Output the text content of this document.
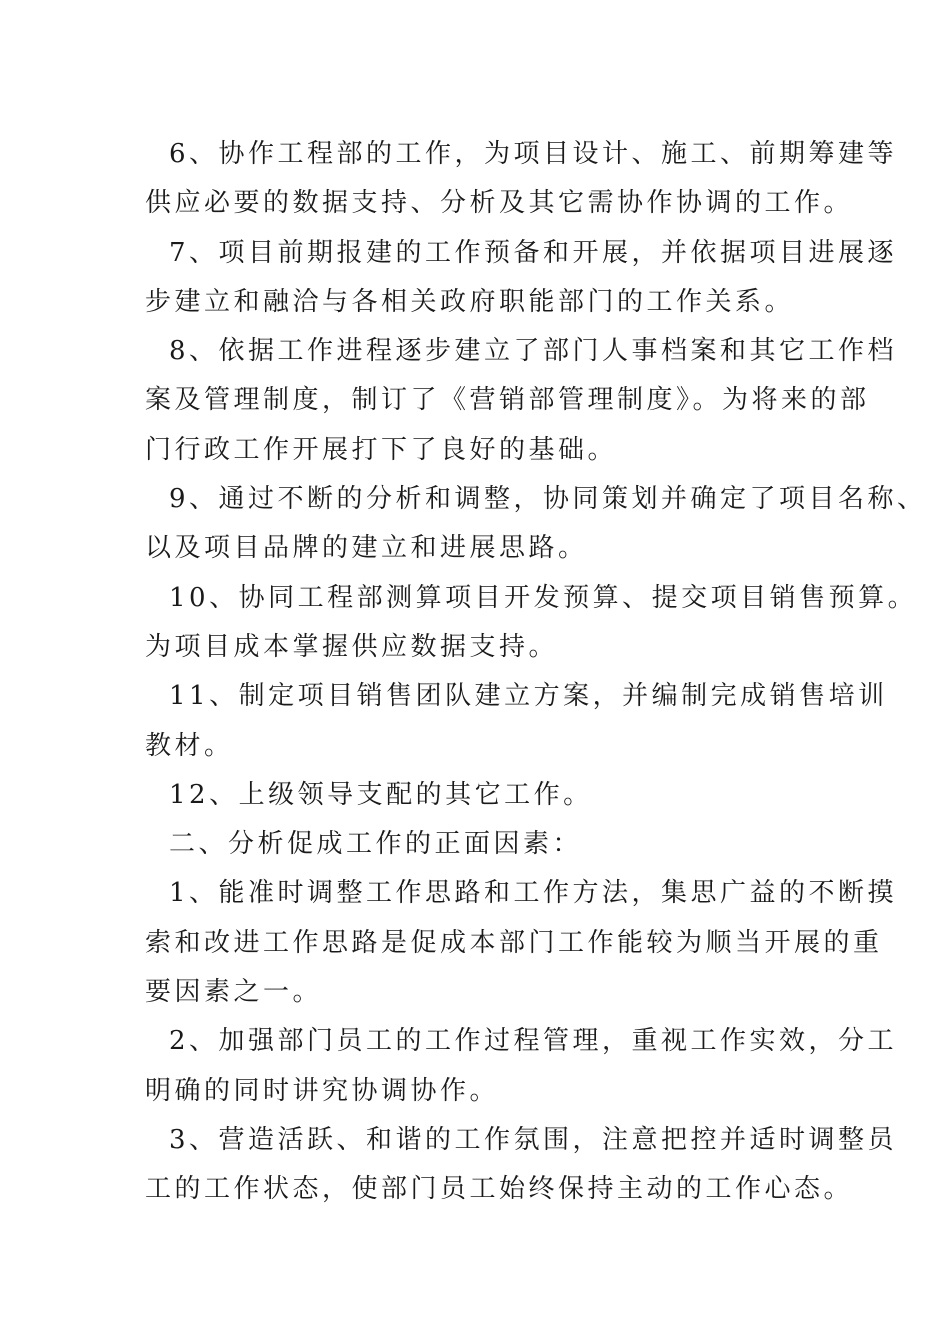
6、协作工程部的工作，为项目设计、施工、前期筹建等
供应必要的数据支持、分析及其它需协作协调的工作。
7、项目前期报建的工作预备和开展，并依据项目进展逐
步建立和融洽与各相关政府职能部门的工作关系。
8、依据工作进程逐步建立了部门人事档案和其它工作档
案及管理制度，制订了《营销部管理制度》。为将来的部
门行政工作开展打下了良好的基础。
9、通过不断的分析和调整，协同策划并确定了项目名称、
以及项目品牌的建立和进展思路。
10、协同工程部测算项目开发预算、提交项目销售预算。
为项目成本掌握供应数据支持。
11、制定项目销售团队建立方案，并编制完成销售培训
教材。
12、上级领导支配的其它工作。
二、分析促成工作的正面因素：
1、能准时调整工作思路和工作方法，集思广益的不断摸
索和改进工作思路是促成本部门工作能较为顺当开展的重
要因素之一。
2、加强部门员工的工作过程管理，重视工作实效，分工
明确的同时讲究协调协作。
3、营造活跃、和谐的工作氛围，注意把控并适时调整员
工的工作状态，使部门员工始终保持主动的工作心态。
